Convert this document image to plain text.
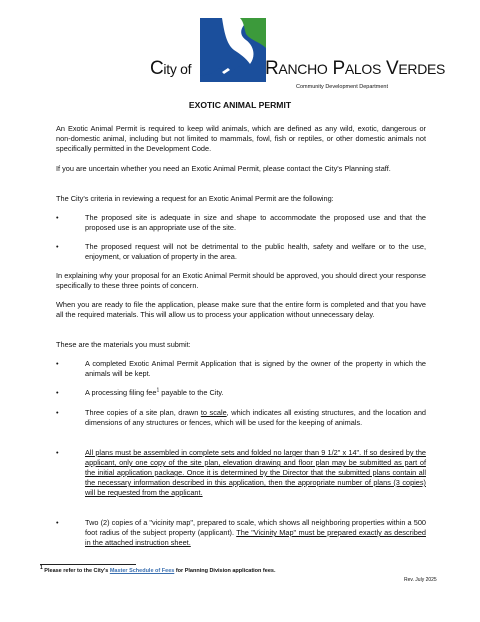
City of	RANCHO PALOS VERDES
Community Development Department
EXOTIC ANIMAL PERMIT
An Exotic Animal Permit is required to keep wild animals, which are defined as any wild, exotic, dangerous or non-domestic animal, including but not limited to mammals, fowl, fish or reptiles, or other domestic animals not specifically permitted in the Development Code.
If you are uncertain whether you need an Exotic Animal Permit, please contact the City's Planning staff.
The City's criteria in reviewing a request for an Exotic Animal Permit are the following:
•	The proposed site is adequate in size and shape to accommodate the proposed use and that the proposed use is an appropriate use of the site.
•	The proposed request will not be detrimental to the public health, safety and welfare or to the use, enjoyment, or valuation of property in the area.
In explaining why your proposal for an Exotic Animal Permit should be approved, you should direct your response specifically to these three points of concern.
When you are ready to file the application, please make sure that the entire form is completed and that you have all the required materials. This will allow us to process your application without unnecessary delay.
These are the materials you must submit:
•	A completed Exotic Animal Permit Application that is signed by the owner of the property in which the animals will be kept.
•	A processing filing fee$^1$ payable to the City.
•	Three copies of a site plan, drawn to scale, which indicates all existing structures, and the location and dimensions of any structures or fences, which will be used for the keeping of animals.
•	All plans must be assembled in complete sets and folded no larger than 9 1/2" x 14". If so desired by the applicant, only one copy of the site plan, elevation drawing and floor plan may be submitted as part of the initial application package. Once it is determined by the Director that the submitted plans contain all the necessary information described in this application, then the appropriate number of plans (3 copies) will be requested from the applicant.
•	Two (2) copies of a "vicinity map", prepared to scale, which shows all neighboring properties within a 500 foot radius of the subject property (applicant). The "Vicinity Map" must be prepared exactly as described in the attached instruction sheet.
$^1$ Please refer to the City's Master Schedule of Fees for Planning Division application fees.
Rev. July 2025
